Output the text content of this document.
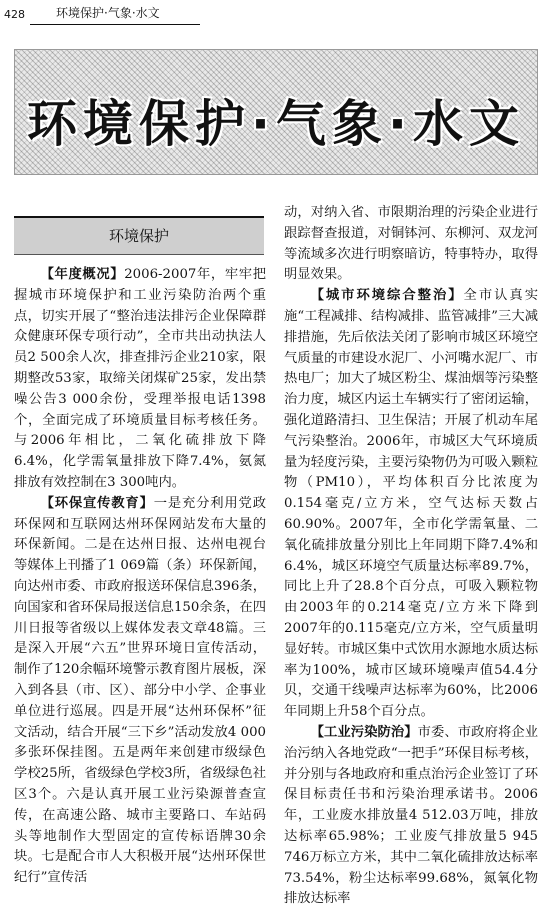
428	环境保护·气象·水文
环境保护·气象·水文
环境保护

【年度概况】2006-2007年，牢牢把握城市环境保护和工业污染防治两个重点，切实开展了“整治违法排污企业保障群众健康环保专项行动”，全市共出动执法人员2 500余人次，排查排污企业210家，限期整改53家，取缔关闭煤矿25家，发出禁噪公告3 000余份，受理举报电话1398个，全面完成了环境质量目标考核任务。与2006年相比，二氧化硫排放下降6.4%，化学需氧量排放下降7.4%，氨氮排放有效控制在3 300吨内。

【环保宣传教育】一是充分利用党政环保网和互联网达州环保网站发布大量的环保新闻。二是在达州日报、达州电视台等媒体上刊播了1 069篇（条）环保新闻，向达州市委、市政府报送环保信息396条，向国家和省环保局报送信息150余条，在四川日报等省级以上媒体发表文章48篇。三是深入开展“六五”世界环境日宣传活动，制作了120余幅环境警示教育图片展板，深入到各县（市、区）、部分中小学、企事业单位进行巡展。四是开展“达州环保杯”征文活动，结合开展“三下乡”活动发放4 000多张环保挂图。五是两年来创建市级绿色学校25所，省级绿色学校3所，省级绿色社区3个。六是认真开展工业污染源普查宣传，在高速公路、城市主要路口、车站码头等地制作大型固定的宣传标语牌30余块。七是配合市人大积极开展“达州环保世纪行”宣传活

动，对纳入省、市限期治理的污染企业进行跟踪督查报道，对铜钵河、东柳河、双龙河等流域多次进行明察暗访，特事特办，取得明显效果。

【城市环境综合整治】全市认真实施“工程减排、结构减排、监管减排”三大减排措施，先后依法关闭了影响市城区环境空气质量的市建设水泥厂、小河嘴水泥厂、市热电厂；加大了城区粉尘、煤油烟等污染整治力度，城区内运土车辆实行了密闭运输，强化道路清扫、卫生保洁；开展了机动车尾气污染整治。2006年，市城区大气环境质量为轻度污染，主要污染物仍为可吸入颗粒物（PM10），平均体积百分比浓度为0.154毫克/立方米，空气达标天数占60.90%。2007年，全市化学需氧量、二氧化硫排放量分别比上年同期下降7.4%和6.4%，城区环境空气质量达标率89.7%，同比上升了28.8个百分点，可吸入颗粒物由2003年的0.214毫克/立方米下降到2007年的0.115毫克/立方米，空气质量明显好转。市城区集中式饮用水源地水质达标率为100%，城市区域环境噪声值54.4分贝，交通干线噪声达标率为60%，比2006年同期上升58个百分点。

【工业污染防治】市委、市政府将企业治污纳入各地党政“一把手”环保目标考核，并分别与各地政府和重点治污企业签订了环保目标责任书和污染治理承诺书。2006年，工业废水排放量4 512.03万吨，排放达标率65.98%；工业废气排放量5 945 746万标立方米，其中二氧化硫排放达标率73.54%，粉尘达标率99.68%，氮氧化物排放达标率
